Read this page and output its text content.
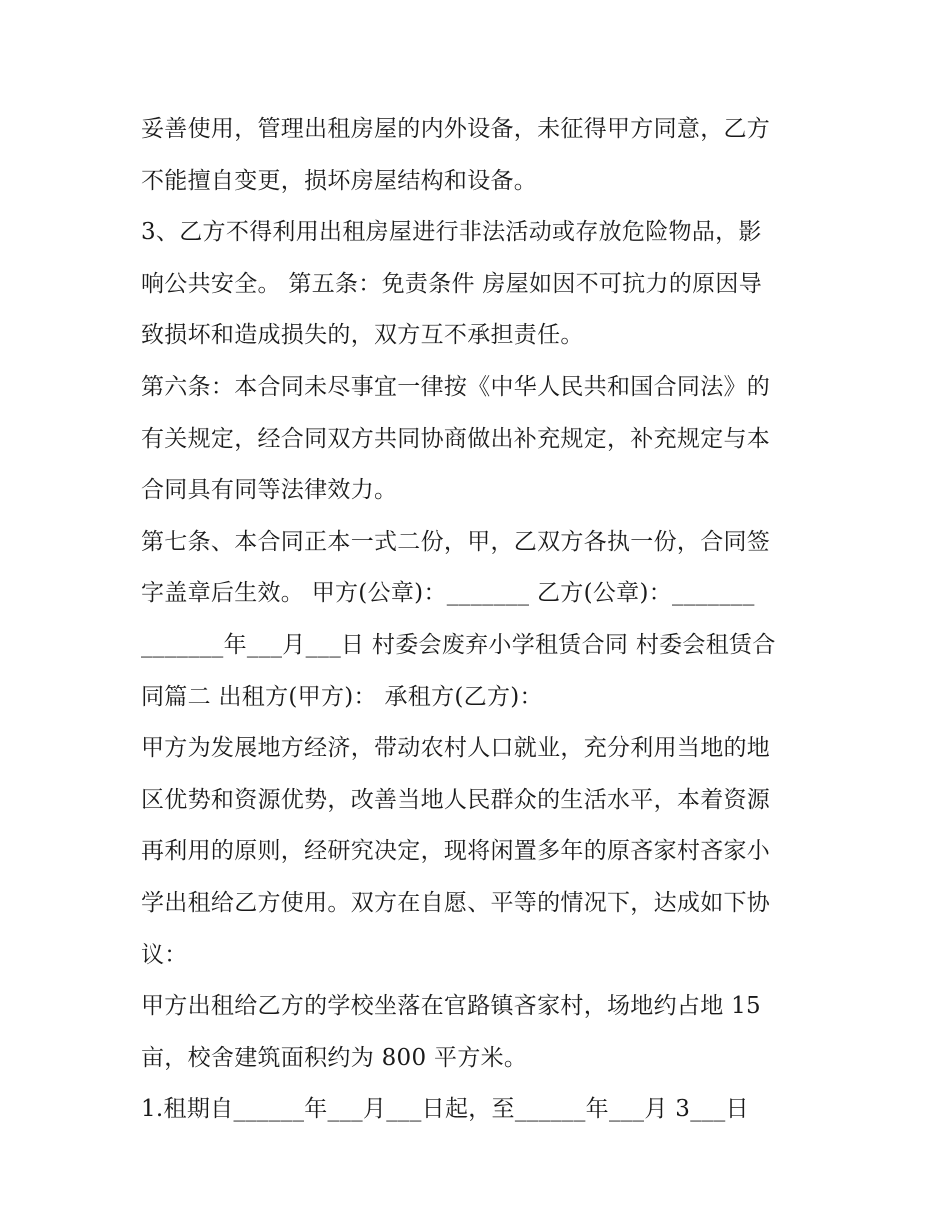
妥善使用，管理出租房屋的内外设备，未征得甲方同意，乙方
不能擅自变更，损坏房屋结构和设备。
3、乙方不得利用出租房屋进行非法活动或存放危险物品，影
响公共安全。 第五条：免责条件 房屋如因不可抗力的原因导
致损坏和造成损失的，双方互不承担责任。
第六条：本合同未尽事宜一律按《中华人民共和国合同法》的
有关规定，经合同双方共同协商做出补充规定，补充规定与本
合同具有同等法律效力。
第七条、本合同正本一式二份，甲，乙双方各执一份，合同签
字盖章后生效。 甲方(公章)：_______ 乙方(公章)：_______
_______年___月___日 村委会废弃小学租赁合同 村委会租赁合
同篇二 出租方(甲方)： 承租方(乙方)：
甲方为发展地方经济，带动农村人口就业，充分利用当地的地
区优势和资源优势，改善当地人民群众的生活水平，本着资源
再利用的原则，经研究决定，现将闲置多年的原吝家村吝家小
学出租给乙方使用。双方在自愿、平等的情况下，达成如下协
议：
甲方出租给乙方的学校坐落在官路镇吝家村，场地约占地 15
亩，校舍建筑面积约为 800 平方米。
1.租期自______年___月___日起，至______年___月 3___日
